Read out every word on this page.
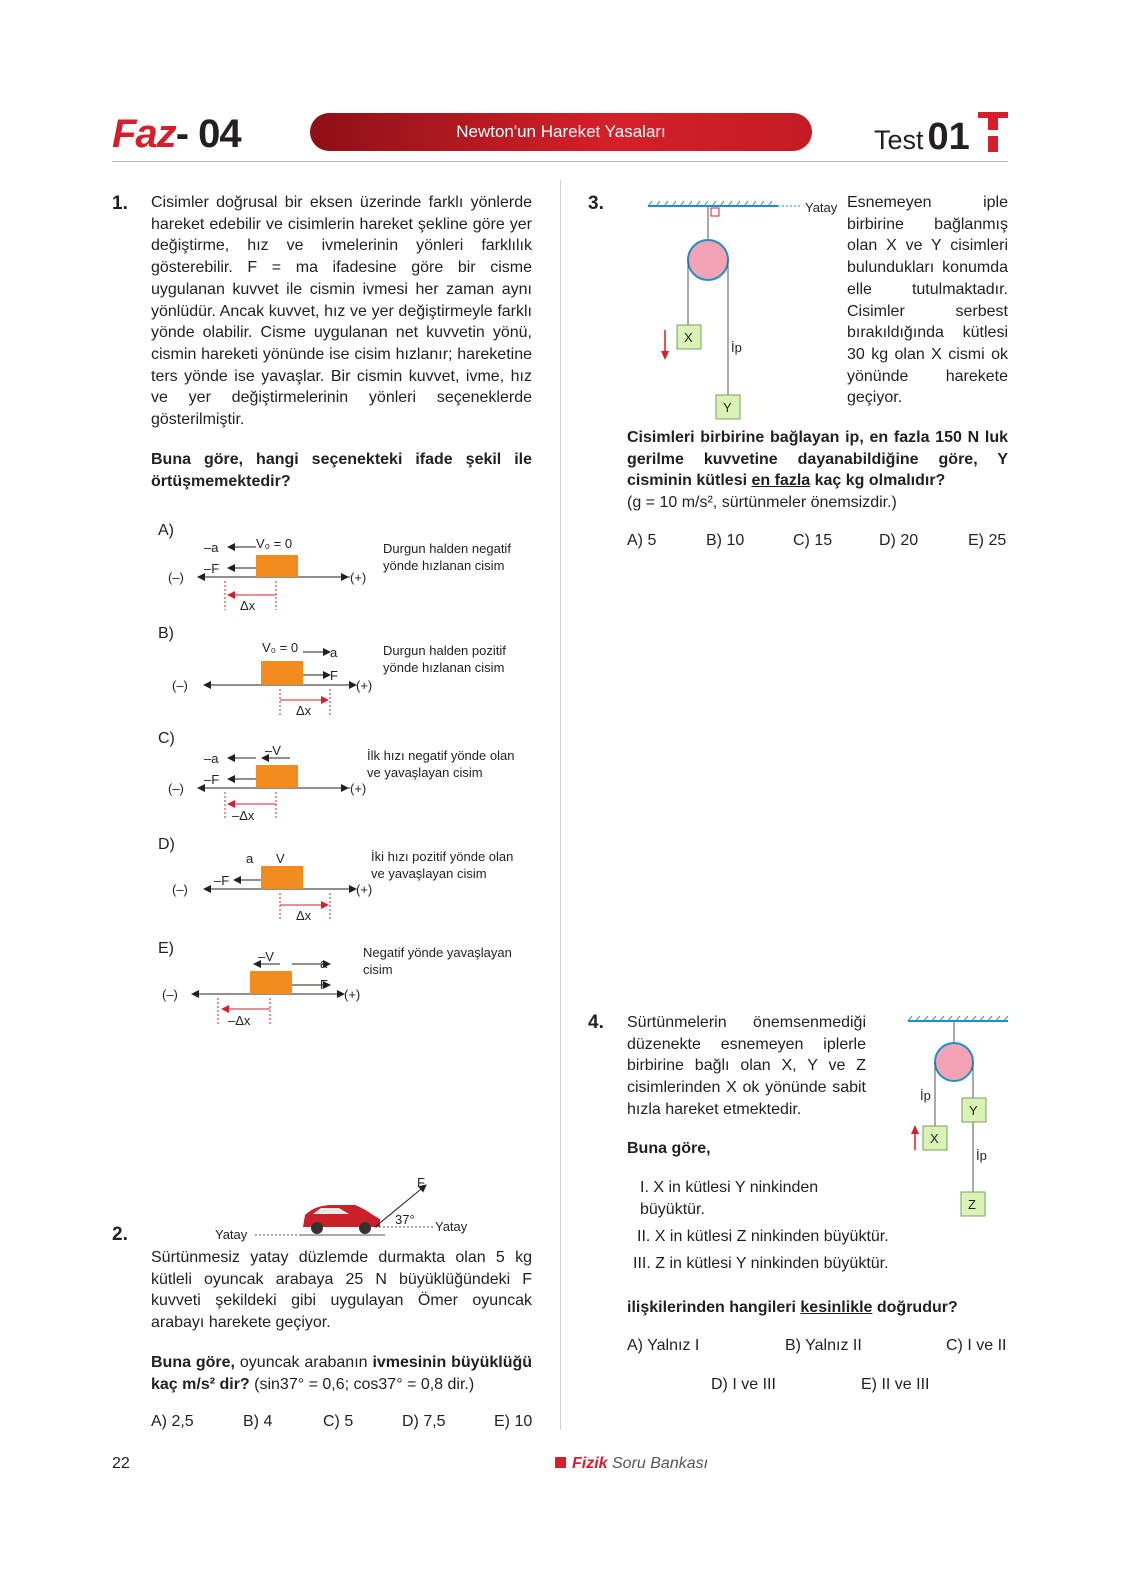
Faz- 04	Newton'un Hareket Yasaları	Test 01
1. Cisimler doğrusal bir eksen üzerinde farklı yönlerde hareket edebilir ve cisimlerin hareket şekline göre yer değiştirme, hız ve ivmelerinin yönleri farklılık gösterebilir. F = ma ifadesine göre bir cisme uygulanan kuvvet ile cismin ivmesi her zaman aynı yönlüdür. Ancak kuvvet, hız ve yer değiştirmeyle farklı yönde olabilir. Cisme uygulanan net kuvvetin yönü, cismin hareketi yönünde ise cisim hızlanır; hareketine ters yönde ise yavaşlar. Bir cismin kuvvet, ivme, hız ve yer değiştirmelerinin yönleri seçeneklerde gösterilmiştir.
Buna göre, hangi seçenekteki ifade şekil ile örtüşmemektedir?
A)
(–)	(+)
–a
–F
V₀ = 0
Δx
Durgun halden negatif
yönde hızlanan cisim
B)
(–)	(+)
V₀ = 0 a
F
Δx
Durgun halden pozitif
yönde hızlanan cisim
C)
(–)	(+)
–a
–F
–V
–Δx
İlk hızı negatif yönde olan
ve yavaşlayan cisim
D)
(–)	(+)
a V
–F
Δx
İki hızı pozitif yönde olan
ve yavaşlayan cisim
E)
(–)	(+)
–V	a
F
–Δx
Negatif yönde yavaşlayan
cisim
Yatay
Yatay
37°
F
2.
Sürtünmesiz yatay düzlemde durmakta olan 5 kg kütleli oyuncak arabaya 25 N büyüklüğündeki F kuvveti şekildeki gibi uygulayan Ömer oyuncak arabayı harekete geçiyor.
Buna göre, oyuncak arabanın ivmesinin büyüklüğü kaç m/s² dir? (sin37° = 0,6; cos37° = 0,8 dir.)
A) 2,5	B) 4	C) 5	D) 7,5	E) 10
3.	Yatay
X
Y
İp
Esnemeyen iple birbirine bağlanmış olan X ve Y cisimleri bulundukları konumda elle tutulmaktadır. Cisimler serbest bırakıldığında kütlesi 30 kg olan X cismi ok yönünde harekete geçiyor.
Cisimleri birbirine bağlayan ip, en fazla 150 N luk gerilme kuvvetine dayanabildiğine göre, Y cisminin kütlesi en fazla kaç kg olmalıdır?
(g = 10 m/s², sürtünmeler önemsizdir.)
A) 5	B) 10	C) 15	D) 20	E) 25
4. Sürtünmelerin önemsenmediği düzenekte esnemeyen iplerle birbirine bağlı olan X, Y ve Z cisimlerinden X ok yönünde sabit hızla hareket etmektedir.
Buna göre,
I. X in kütlesi Y ninkinden büyüktür.
II. X in kütlesi Z ninkinden büyüktür.
III. Z in kütlesi Y ninkinden büyüktür.
ilişkilerinden hangileri kesinlikle doğrudur?
Y
X
Z
İp
İp
A) Yalnız I	B) Yalnız II	C) I ve II
D) I ve III	E) II ve III
22	Fizik Soru Bankası
